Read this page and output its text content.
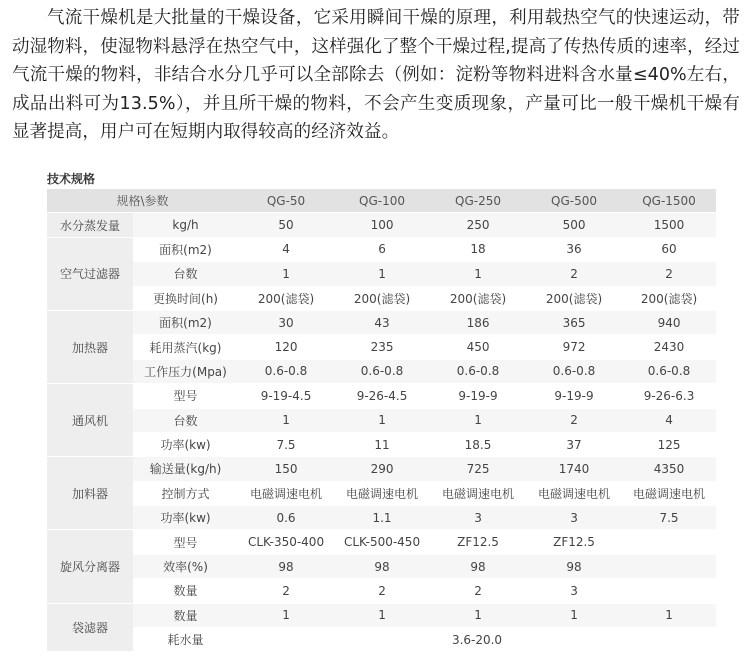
气流干燥机是大批量的干燥设备，它采用瞬间干燥的原理，利用载热空气的快速运动，带动湿物料，使湿物料悬浮在热空气中，这样强化了整个干燥过程,提高了传热传质的速率，经过气流干燥的物料，非结合水分几乎可以全部除去（例如：淀粉等物料进料含水量≤40%左右，成品出料可为13.5%），并且所干燥的物料，不会产生变质现象，产量可比一般干燥机干燥有显著提高，用户可在短期内取得较高的经济效益。

技术规格
规格\参数		QG-50	QG-100	QG-250	QG-500	QG-1500
水分蒸发量	kg/h	50	100	250	500	1500
空气过滤器	面积(m2)	4	6	18	36	60
	台数	1	1	1	2	2
	更换时间(h)	200(滤袋)	200(滤袋)	200(滤袋)	200(滤袋)	200(滤袋)
加热器	面积(m2)	30	43	186	365	940
	耗用蒸汽(kg)	120	235	450	972	2430
	工作压力(Mpa)	0.6-0.8	0.6-0.8	0.6-0.8	0.6-0.8	0.6-0.8
通风机	型号	9-19-4.5	9-26-4.5	9-19-9	9-19-9	9-26-6.3
	台数	1	1	1	2	4
	功率(kw)	7.5	11	18.5	37	125
加料器	输送量(kg/h)	150	290	725	1740	4350
	控制方式	电磁调速电机	电磁调速电机	电磁调速电机	电磁调速电机	电磁调速电机
	功率(kw)	0.6	1.1	3	3	7.5
旋风分离器	型号	CLK-350-400	CLK-500-450	ZF12.5	ZF12.5	
	效率(%)	98	98	98	98	
	数量	2	2	2	3	
袋滤器	数量	1	1	1	1	1
	耗水量	3.6-20.0				
